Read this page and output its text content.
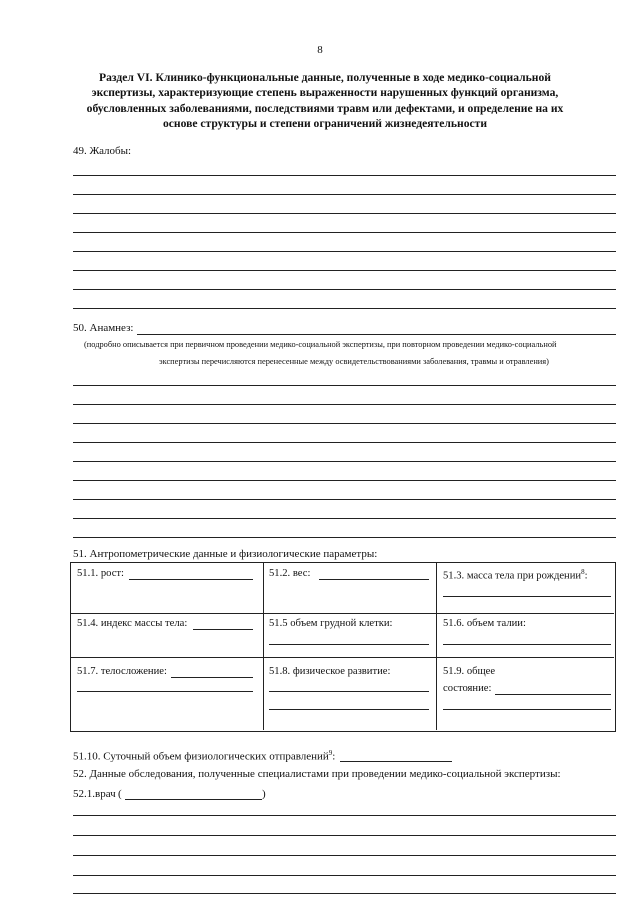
8
Раздел VI. Клинико-функциональные данные, полученные в ходе медико-социальной экспертизы, характеризующие степень выраженности нарушенных функций организма, обусловленных заболеваниями, последствиями травм или дефектами, и определение на их основе структуры и степени ограничений жизнедеятельности
49. Жалобы:
50. Анамнез:
(подробно описывается при первичном проведении медико-социальной экспертизы, при повторном проведении медико-социальной
экспертизы перечисляются перенесенные между освидетельствованиями заболевания, травмы и отравления)
51. Антропометрические данные и физиологические параметры:
51.1. рост:	51.2. вес:	51.3. масса тела при рождении$^8$:
51.4. индекс массы тела:	51.5 объем грудной клетки:	51.6. объем талии:
51.7. телосложение:	51.8. физическое развитие:	51.9. общее
состояние:
51.10. Суточный объем физиологических отправлений$^9$:
52. Данные обследования, полученные специалистами при проведении медико-социальной экспертизы:
52.1.врач (	)
